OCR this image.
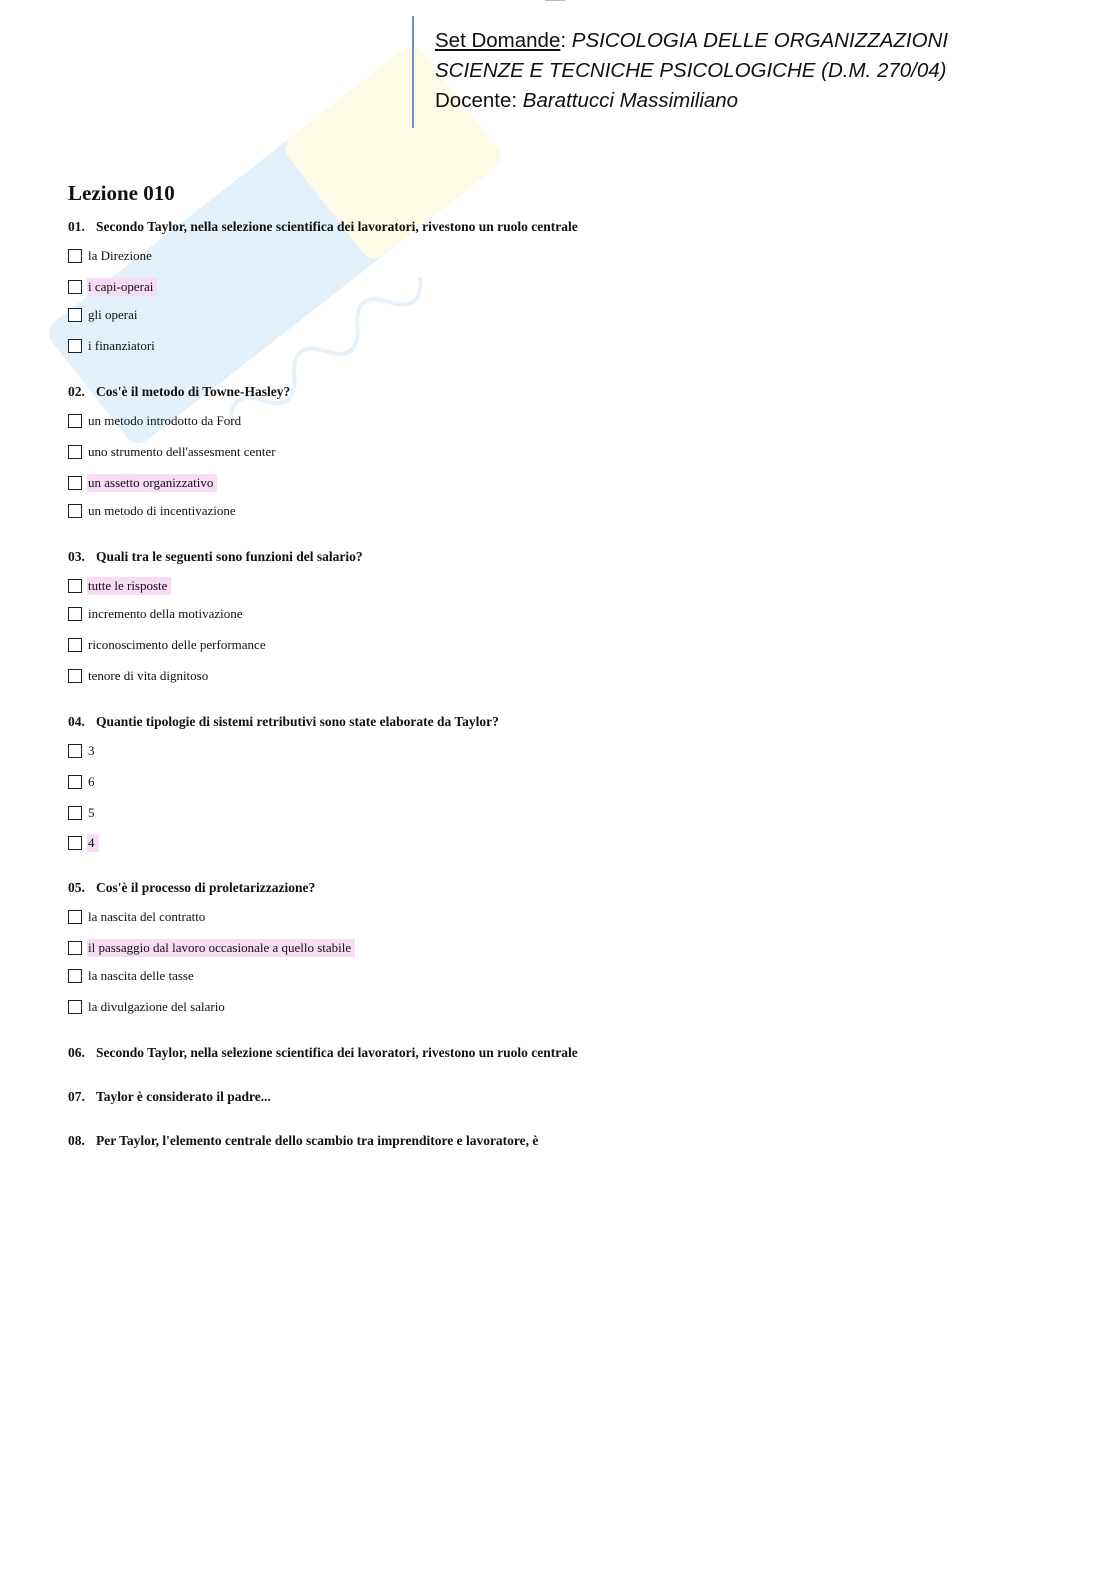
Set Domande: PSICOLOGIA DELLE ORGANIZZAZIONI
SCIENZE E TECNICHE PSICOLOGICHE (D.M. 270/04)
Docente: Barattucci Massimiliano
Lezione 010
01. Secondo Taylor, nella selezione scientifica dei lavoratori, rivestono un ruolo centrale
la Direzione
i capi-operai
gli operai
i finanziatori
02. Cos'è il metodo di Towne-Hasley?
un metodo introdotto da Ford
uno strumento dell'assesment center
un assetto organizzativo
un metodo di incentivazione
03. Quali tra le seguenti sono funzioni del salario?
tutte le risposte
incremento della motivazione
riconoscimento delle performance
tenore di vita dignitoso
04. Quantie tipologie di sistemi retributivi sono state elaborate da Taylor?
3
6
5
4
05. Cos'è il processo di proletarizzazione?
la nascita del contratto
il passaggio dal lavoro occasionale a quello stabile
la nascita delle tasse
la divulgazione del salario
06. Secondo Taylor, nella selezione scientifica dei lavoratori, rivestono un ruolo centrale
07. Taylor è considerato il padre...
08. Per Taylor, l'elemento centrale dello scambio tra imprenditore e lavoratore, è
